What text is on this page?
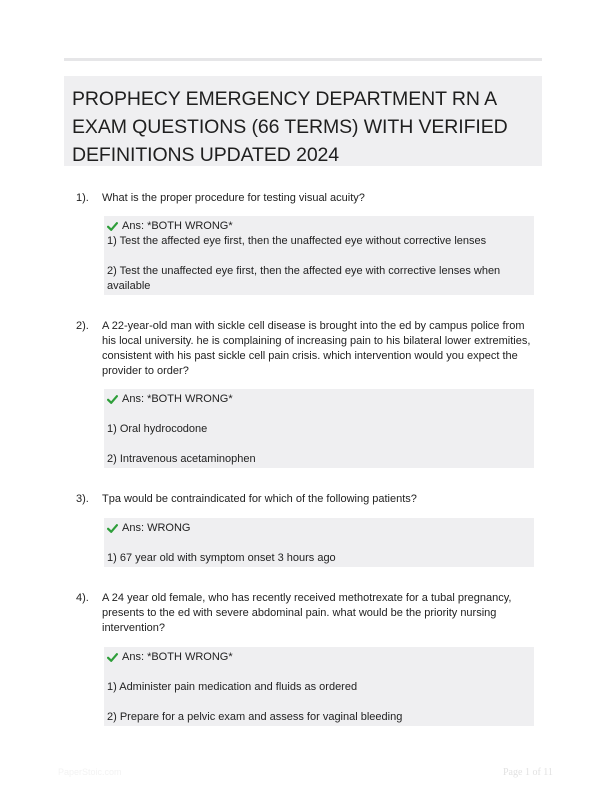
PROPHECY EMERGENCY DEPARTMENT RN A EXAM QUESTIONS (66 TERMS) WITH VERIFIED DEFINITIONS UPDATED 2024
1). What is the proper procedure for testing visual acuity?
Ans: *BOTH WRONG*
1) Test the affected eye first, then the unaffected eye without corrective lenses
2) Test the unaffected eye first, then the affected eye with corrective lenses when available
2). A 22-year-old man with sickle cell disease is brought into the ed by campus police from his local university. he is complaining of increasing pain to his bilateral lower extremities, consistent with his past sickle cell pain crisis. which intervention would you expect the provider to order?
Ans: *BOTH WRONG*
1) Oral hydrocodone
2) Intravenous acetaminophen
3). Tpa would be contraindicated for which of the following patients?
Ans: WRONG
1) 67 year old with symptom onset 3 hours ago
4). A 24 year old female, who has recently received methotrexate for a tubal pregnancy, presents to the ed with severe abdominal pain. what would be the priority nursing intervention?
Ans: *BOTH WRONG*
1) Administer pain medication and fluids as ordered
2) Prepare for a pelvic exam and assess for vaginal bleeding
PaperStoic.com	Page 1 of 11
